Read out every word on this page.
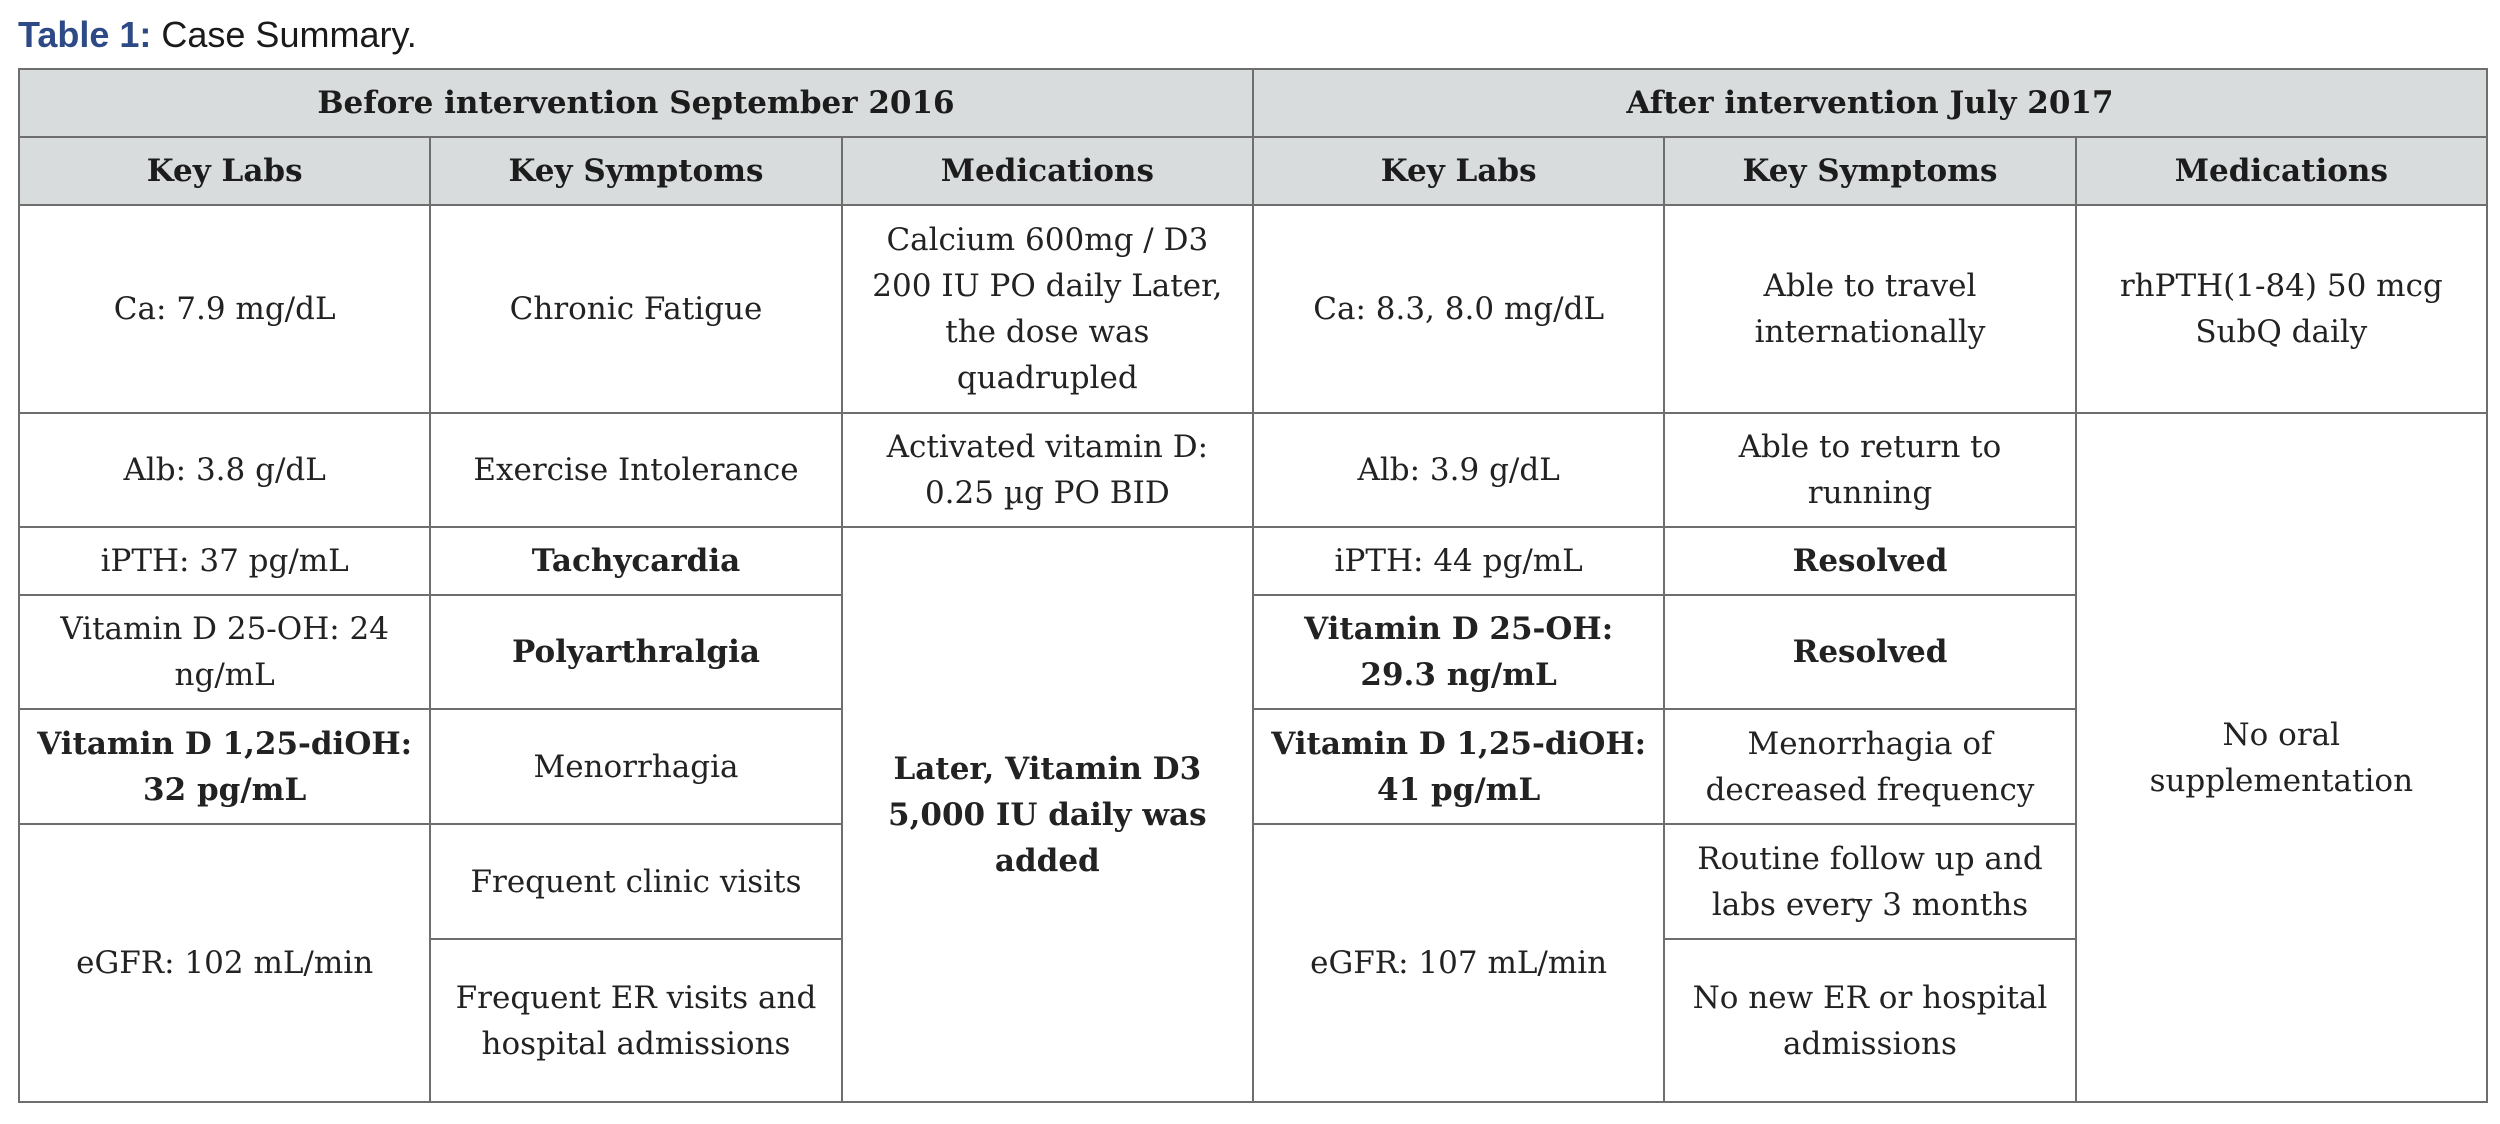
Table 1: Case Summary.
Before intervention September 2016			After intervention July 2017		
Key Labs	Key Symptoms	Medications	Key Labs	Key Symptoms	Medications
Ca: 7.9 mg/dL	Chronic Fatigue	Calcium 600mg / D3 200 IU PO daily Later, the dose was quadrupled	Ca: 8.3, 8.0 mg/dL	Able to travel internationally	rhPTH(1-84) 50 mcg SubQ daily
Alb: 3.8 g/dL	Exercise Intolerance	Activated vitamin D: 0.25 µg PO BID	Alb: 3.9 g/dL	Able to return to running	No oral supplementation
iPTH: 37 pg/mL	Tachycardia	Later, Vitamin D3 5,000 IU daily was added	iPTH: 44 pg/mL	Resolved	
Vitamin D 25-OH: 24 ng/mL	Polyarthralgia		Vitamin D 25-OH: 29.3 ng/mL	Resolved	
Vitamin D 1,25-diOH: 32 pg/mL	Menorrhagia		Vitamin D 1,25-diOH: 41 pg/mL	Menorrhagia of decreased frequency	
eGFR: 102 mL/min	Frequent clinic visits		eGFR: 107 mL/min	Routine follow up and labs every 3 months	
	Frequent ER visits and hospital admissions			No new ER or hospital admissions	
